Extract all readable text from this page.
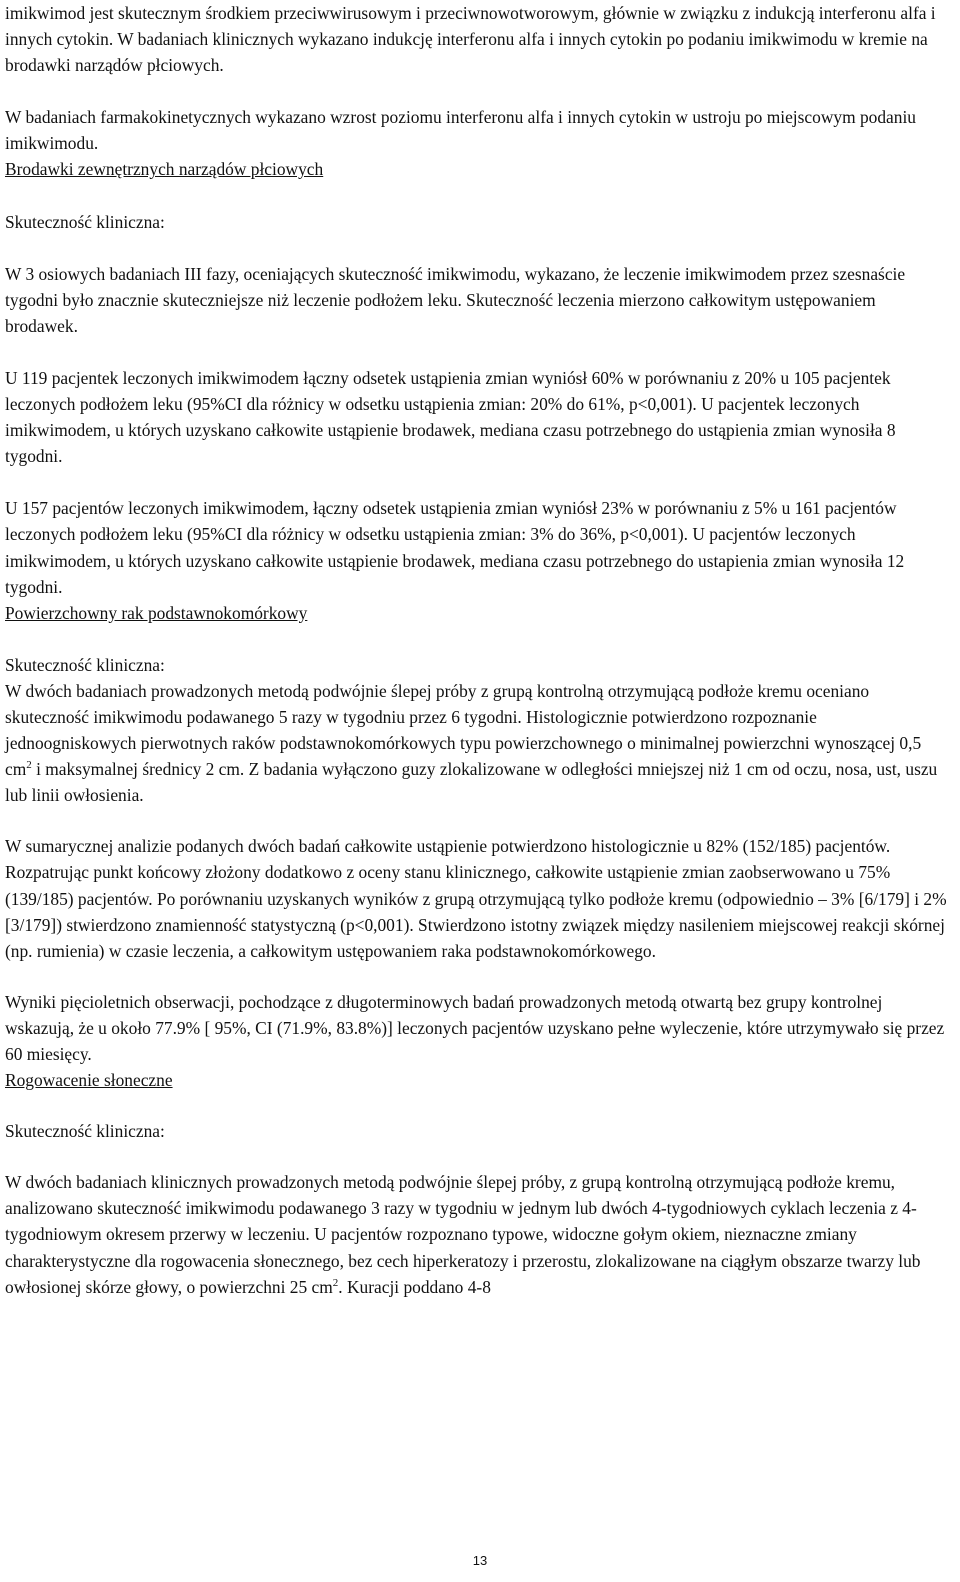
imikwimod jest skutecznym środkiem przeciwwirusowym i przeciwnowotworowym, głównie w związku z indukcją interferonu alfa i innych cytokin. W badaniach klinicznych wykazano indukcję interferonu alfa i innych cytokin po podaniu imikwimodu w kremie na brodawki narządów płciowych.

W badaniach farmakokinetycznych wykazano wzrost poziomu interferonu alfa i innych cytokin w ustroju po miejscowym podaniu imikwimodu.

Brodawki zewnętrznych narządów płciowych

Skuteczność kliniczna:

W 3 osiowych badaniach III fazy, oceniających skuteczność imikwimodu, wykazano, że leczenie imikwimodem przez szesnaście tygodni było znacznie skuteczniejsze niż leczenie podłożem leku. Skuteczność leczenia mierzono całkowitym ustępowaniem brodawek.

U 119 pacjentek leczonych imikwimodem łączny odsetek ustąpienia zmian wyniósł 60% w porównaniu z 20% u 105 pacjentek leczonych podłożem leku (95%CI dla różnicy w odsetku ustąpienia zmian: 20% do 61%, p<0,001). U pacjentek leczonych imikwimodem, u których uzyskano całkowite ustąpienie brodawek, mediana czasu potrzebnego do ustąpienia zmian wynosiła 8 tygodni.

U 157 pacjentów leczonych imikwimodem, łączny odsetek ustąpienia zmian wyniósł 23% w porównaniu z 5% u 161 pacjentów leczonych podłożem leku (95%CI dla różnicy w odsetku ustąpienia zmian: 3% do 36%, p<0,001). U pacjentów leczonych imikwimodem, u których uzyskano całkowite ustąpienie brodawek, mediana czasu potrzebnego do ustapienia zmian wynosiła 12 tygodni.

Powierzchowny rak podstawnokomórkowy

Skuteczność kliniczna:

W dwóch badaniach prowadzonych metodą podwójnie ślepej próby z grupą kontrolną otrzymującą podłoże kremu oceniano skuteczność imikwimodu podawanego 5 razy w tygodniu przez 6 tygodni. Histologicznie potwierdzono rozpoznanie jednoogniskowych pierwotnych raków podstawnokomórkowych typu powierzchownego o minimalnej powierzchni wynoszącej 0,5 $cm^2$ i maksymalnej średnicy 2 cm. Z badania wyłączono guzy zlokalizowane w odległości mniejszej niż 1 cm od oczu, nosa, ust, uszu lub linii owłosienia.

W sumarycznej analizie podanych dwóch badań całkowite ustąpienie potwierdzono histologicznie u 82% (152/185) pacjentów. Rozpatrując punkt końcowy złożony dodatkowo z oceny stanu klinicznego, całkowite ustąpienie zmian zaobserwowano u 75% (139/185) pacjentów. Po porównaniu uzyskanych wyników z grupą otrzymującą tylko podłoże kremu (odpowiednio – 3% [6/179] i 2% [3/179]) stwierdzono znamienność statystyczną (p<0,001). Stwierdzono istotny związek między nasileniem miejscowej reakcji skórnej (np. rumienia) w czasie leczenia, a całkowitym ustępowaniem raka podstawnokomórkowego.

Wyniki pięcioletnich obserwacji, pochodzące z długoterminowych badań prowadzonych metodą otwartą bez grupy kontrolnej wskazują, że u około 77.9% [ 95%, CI (71.9%, 83.8%)] leczonych pacjentów uzyskano pełne wyleczenie, które utrzymywało się przez 60 miesięcy.

Rogowacenie słoneczne

Skuteczność kliniczna:

W dwóch badaniach klinicznych prowadzonych metodą podwójnie ślepej próby, z grupą kontrolną otrzymującą podłoże kremu, analizowano skuteczność imikwimodu podawanego 3 razy w tygodniu w jednym lub dwóch 4-tygodniowych cyklach leczenia z 4-tygodniowym okresem przerwy w leczeniu. U pacjentów rozpoznano typowe, widoczne gołym okiem, nieznaczne zmiany charakterystyczne dla rogowacenia słonecznego, bez cech hiperkeratozy i przerostu, zlokalizowane na ciągłym obszarze twarzy lub owłosionej skórze głowy, o powierzchni 25 $cm^2$. Kuracji poddano 4-8

13
